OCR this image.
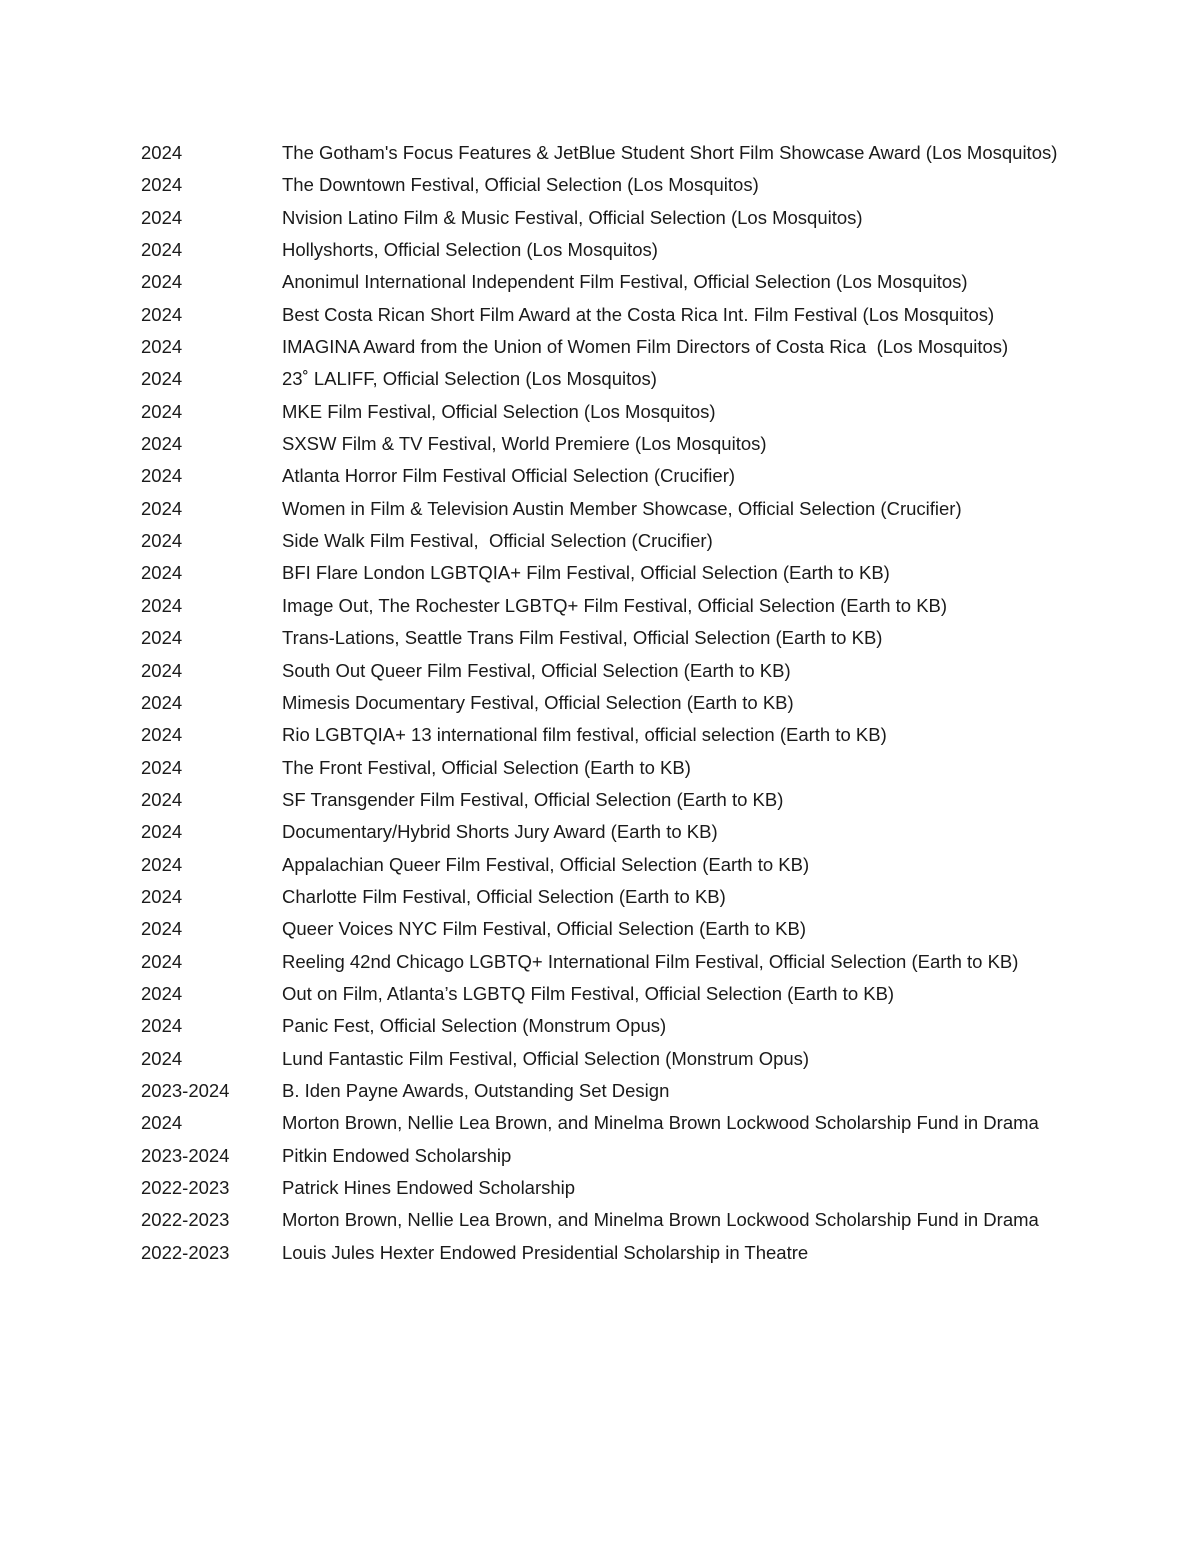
2024	The Gotham's Focus Features & JetBlue Student Short Film Showcase Award (Los Mosquitos)
2024	The Downtown Festival, Official Selection (Los Mosquitos)
2024	Nvision Latino Film & Music Festival, Official Selection (Los Mosquitos)
2024	Hollyshorts, Official Selection (Los Mosquitos)
2024	Anonimul International Independent Film Festival, Official Selection (Los Mosquitos)
2024	Best Costa Rican Short Film Award at the Costa Rica Int. Film Festival (Los Mosquitos)
2024	IMAGINA Award from the Union of Women Film Directors of Costa Rica  (Los Mosquitos)
2024	23˚ LALIFF, Official Selection (Los Mosquitos)
2024	MKE Film Festival, Official Selection (Los Mosquitos)
2024	SXSW Film & TV Festival, World Premiere (Los Mosquitos)
2024	Atlanta Horror Film Festival Official Selection (Crucifier)
2024	Women in Film & Television Austin Member Showcase, Official Selection (Crucifier)
2024	Side Walk Film Festival,  Official Selection (Crucifier)
2024	BFI Flare London LGBTQIA+ Film Festival, Official Selection (Earth to KB)
2024	Image Out, The Rochester LGBTQ+ Film Festival, Official Selection (Earth to KB)
2024	Trans-Lations, Seattle Trans Film Festival, Official Selection (Earth to KB)
2024	South Out Queer Film Festival, Official Selection (Earth to KB)
2024	Mimesis Documentary Festival, Official Selection (Earth to KB)
2024	Rio LGBTQIA+ 13 international film festival, official selection (Earth to KB)
2024	The Front Festival, Official Selection (Earth to KB)
2024	SF Transgender Film Festival, Official Selection (Earth to KB)
2024	Documentary/Hybrid Shorts Jury Award (Earth to KB)
2024	Appalachian Queer Film Festival, Official Selection (Earth to KB)
2024	Charlotte Film Festival, Official Selection (Earth to KB)
2024	Queer Voices NYC Film Festival, Official Selection (Earth to KB)
2024	Reeling 42nd Chicago LGBTQ+ International Film Festival, Official Selection (Earth to KB)
2024	Out on Film, Atlanta’s LGBTQ Film Festival, Official Selection (Earth to KB)
2024	Panic Fest, Official Selection (Monstrum Opus)
2024	Lund Fantastic Film Festival, Official Selection (Monstrum Opus)
2023-2024	B. Iden Payne Awards, Outstanding Set Design
2024	Morton Brown, Nellie Lea Brown, and Minelma Brown Lockwood Scholarship Fund in Drama
2023-2024	Pitkin Endowed Scholarship
2022-2023	Patrick Hines Endowed Scholarship
2022-2023	Morton Brown, Nellie Lea Brown, and Minelma Brown Lockwood Scholarship Fund in Drama
2022-2023	Louis Jules Hexter Endowed Presidential Scholarship in Theatre
